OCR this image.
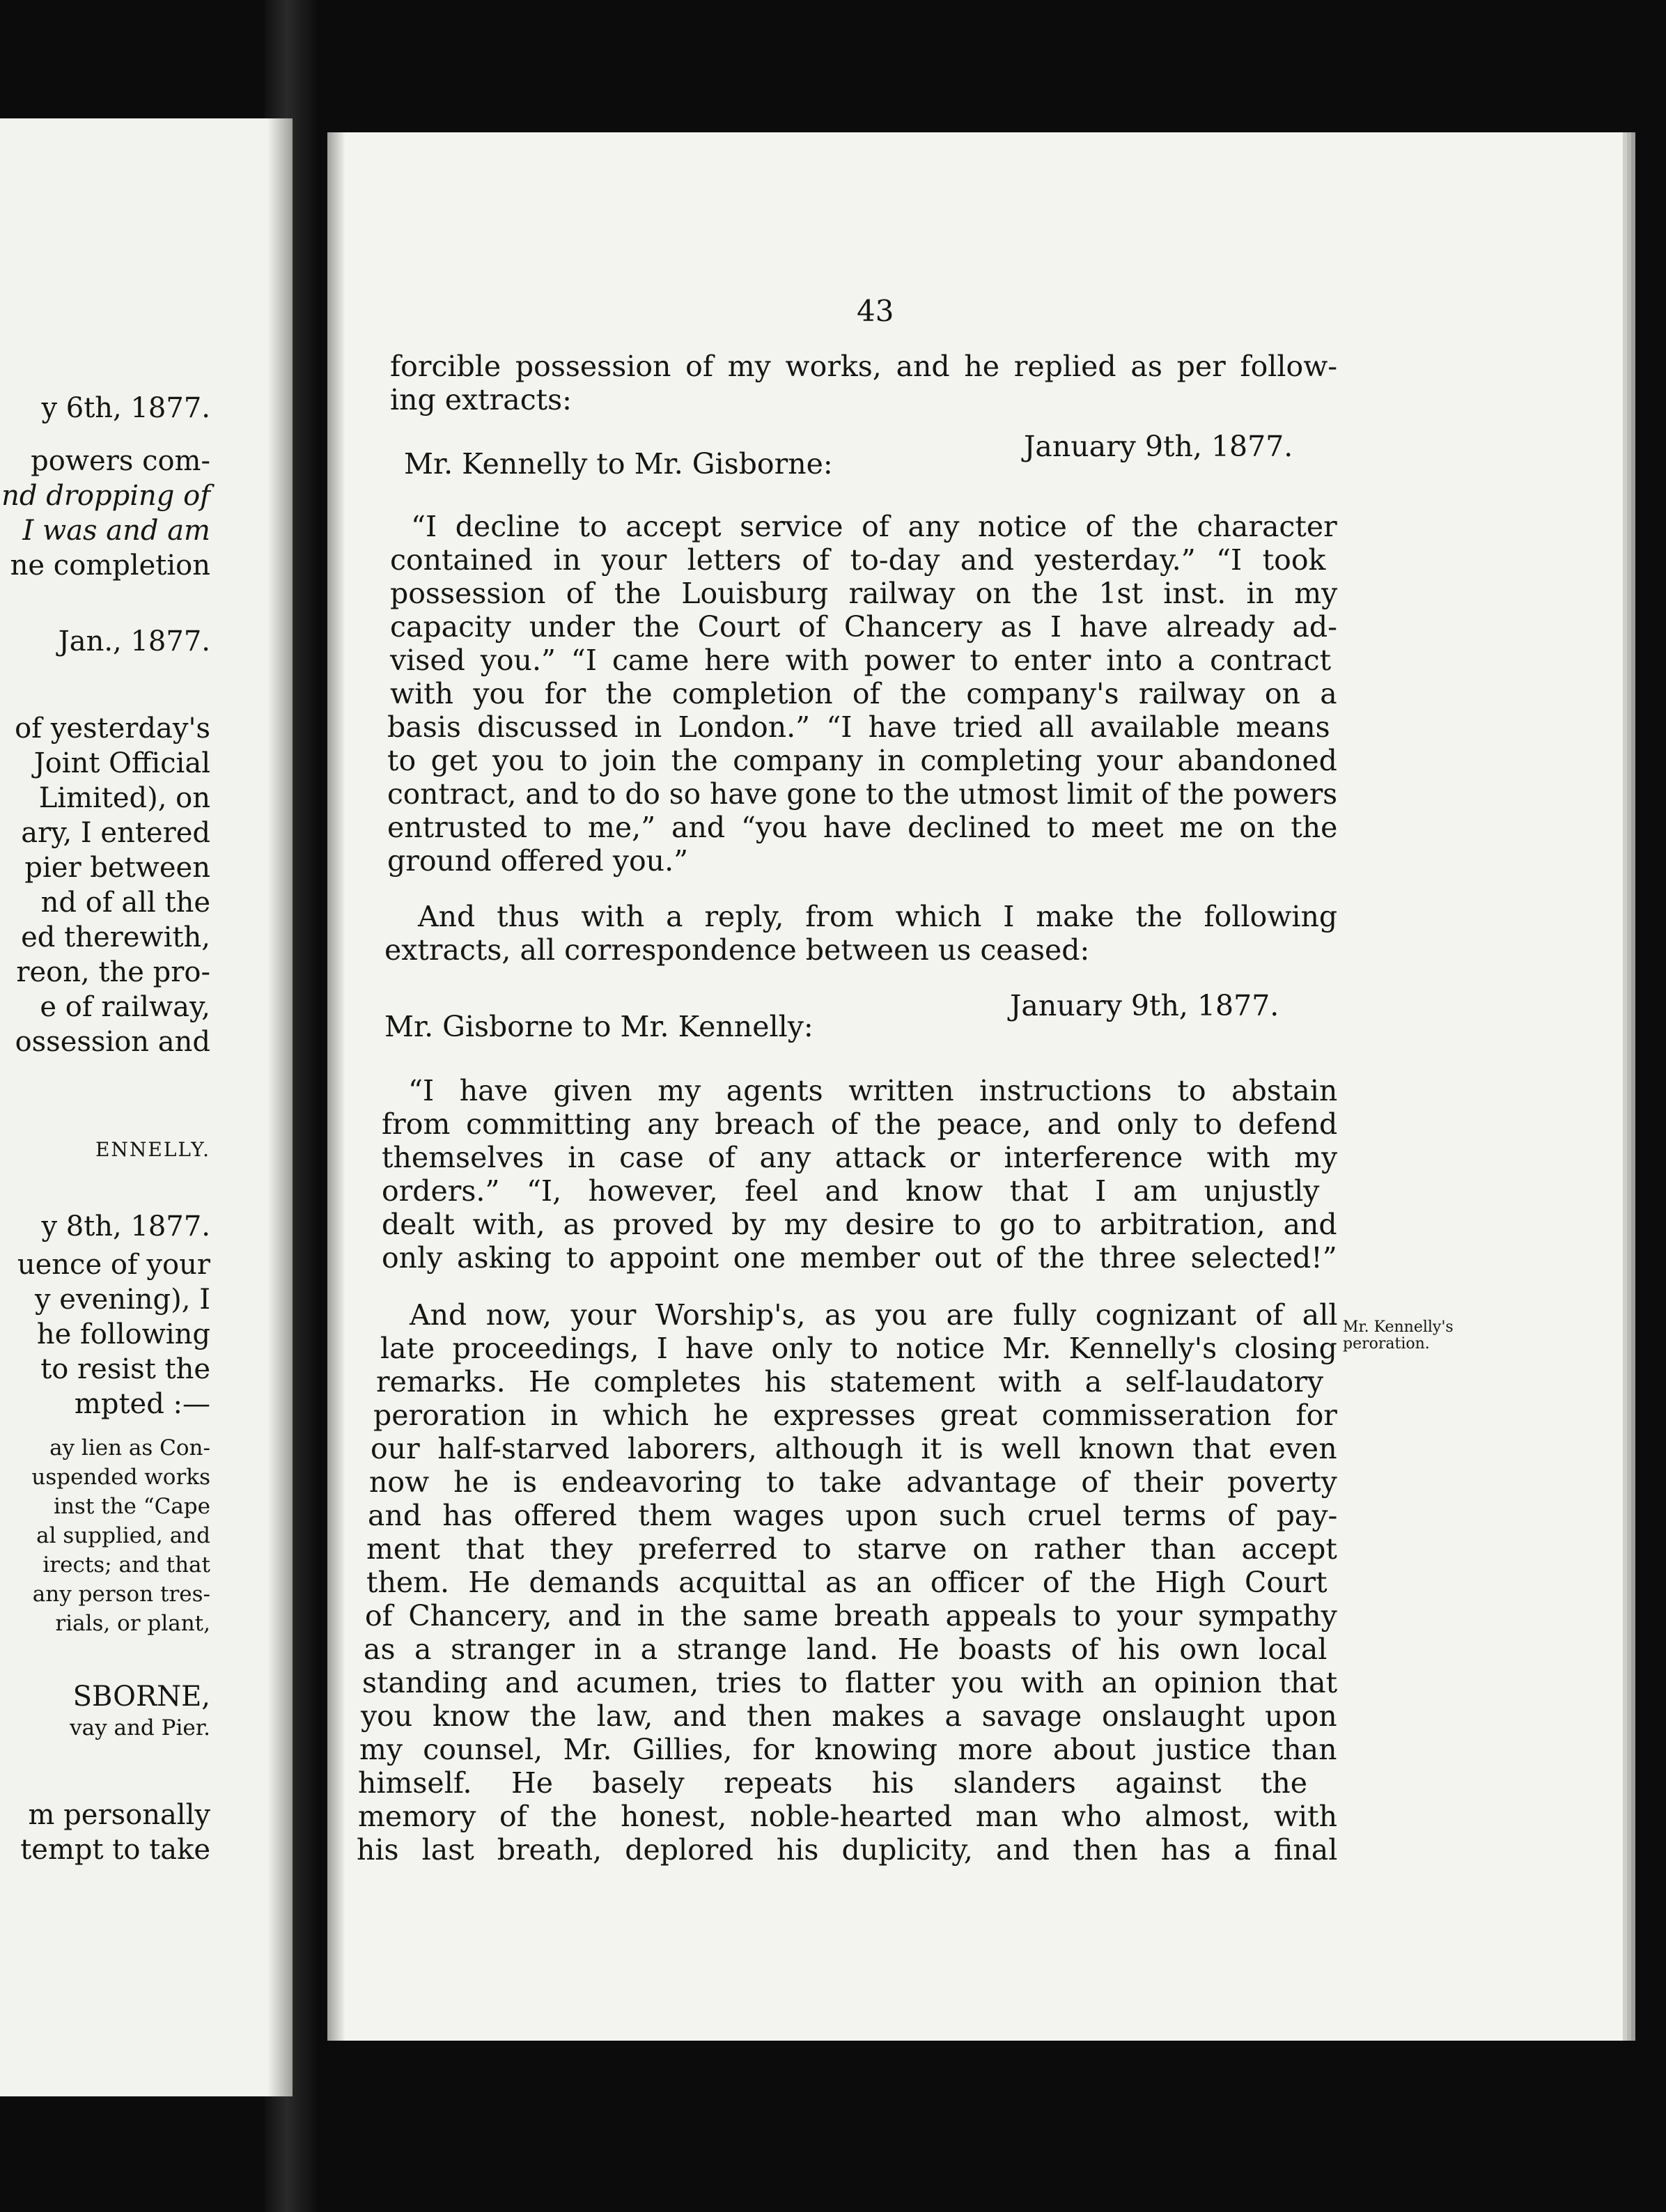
y 6th, 1877.
powers com-
nd dropping of
I was and am
ne completion
Jan., 1877.
of yesterday's
Joint Official
Limited), on
ary, I entered
pier between
nd of all the
ed therewith,
reon, the pro-
e of railway,
ossession and
ENNELLY.
y 8th, 1877.
uence of your
y evening), I
he following
to resist the
mpted :—
ay lien as Con-
uspended works
inst the “Cape
al supplied, and
irects; and that
any person tres-
rials, or plant,
SBORNE,
vay and Pier.
m personally
tempt to take
43
forcible possession of my works, and he replied as per follow-
ing extracts:
January 9th, 1877.
Mr. Kennelly to Mr. Gisborne:
“I decline to accept service of any notice of the character
contained in your letters of to-day and yesterday.” “I took
possession of the Louisburg railway on the 1st inst. in my
capacity under the Court of Chancery as I have already ad-
vised you.” “I came here with power to enter into a contract
with you for the completion of the company's railway on a
basis discussed in London.” “I have tried all available means
to get you to join the company in completing your abandoned
contract, and to do so have gone to the utmost limit of the powers
entrusted to me,” and “you have declined to meet me on the
ground offered you.”
And thus with a reply, from which I make the following
extracts, all correspondence between us ceased:
January 9th, 1877.
Mr. Gisborne to Mr. Kennelly:
“I have given my agents written instructions to abstain
from committing any breach of the peace, and only to defend
themselves in case of any attack or interference with my
orders.” “I, however, feel and know that I am unjustly
dealt with, as proved by my desire to go to arbitration, and
only asking to appoint one member out of the three selected!”
And now, your Worship's, as you are fully cognizant of all
late proceedings, I have only to notice Mr. Kennelly's closing
remarks. He completes his statement with a self-laudatory
peroration in which he expresses great commisseration for
our half-starved laborers, although it is well known that even
now he is endeavoring to take advantage of their poverty
and has offered them wages upon such cruel terms of pay-
ment that they preferred to starve on rather than accept
them. He demands acquittal as an officer of the High Court
of Chancery, and in the same breath appeals to your sympathy
as a stranger in a strange land. He boasts of his own local
standing and acumen, tries to flatter you with an opinion that
you know the law, and then makes a savage onslaught upon
my counsel, Mr. Gillies, for knowing more about justice than
himself. He basely repeats his slanders against the
memory of the honest, noble-hearted man who almost, with
his last breath, deplored his duplicity, and then has a final
Mr. Kennelly's
peroration.
